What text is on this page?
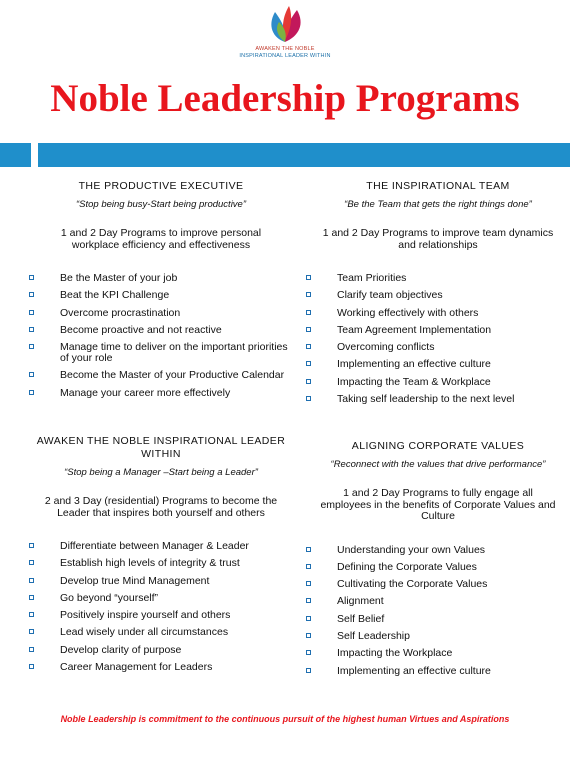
AWAKEN THE NOBLE
INSPIRATIONAL LEADER WITHIN
Noble Leadership Programs
THE PRODUCTIVE EXECUTIVE
“Stop being busy-Start being productive”
1 and 2 Day Programs to improve personal workplace efficiency and effectiveness
Be the Master of your job
Beat the KPI Challenge
Overcome procrastination
Become proactive and not reactive
Manage time to deliver on the important priorities of your role
Become the Master of your Productive Calendar
Manage your career more effectively
THE INSPIRATIONAL TEAM
“Be the Team that gets the right things done”
1 and 2 Day Programs to improve team dynamics and relationships
Team Priorities
Clarify team objectives
Working effectively with others
Team Agreement Implementation
Overcoming conflicts
Implementing an effective culture
Impacting the Team & Workplace
Taking self leadership to the next level
AWAKEN THE NOBLE INSPIRATIONAL LEADER WITHIN
“Stop being a Manager –Start being a Leader”
2 and 3 Day (residential) Programs to become the Leader that inspires both yourself and others
Differentiate between Manager & Leader
Establish high levels of integrity & trust
Develop true Mind Management
Go beyond “yourself”
Positively inspire yourself and others
Lead wisely under all circumstances
Develop clarity of purpose
Career Management for Leaders
ALIGNING CORPORATE VALUES
“Reconnect with the values that drive performance”
1 and 2 Day Programs to fully engage all employees in the benefits of Corporate Values and Culture
Understanding your own Values
Defining the Corporate Values
Cultivating the Corporate Values
Alignment
Self Belief
Self Leadership
Impacting the Workplace
Implementing an effective culture
Noble Leadership is commitment to the continuous pursuit of the highest human Virtues and Aspirations
